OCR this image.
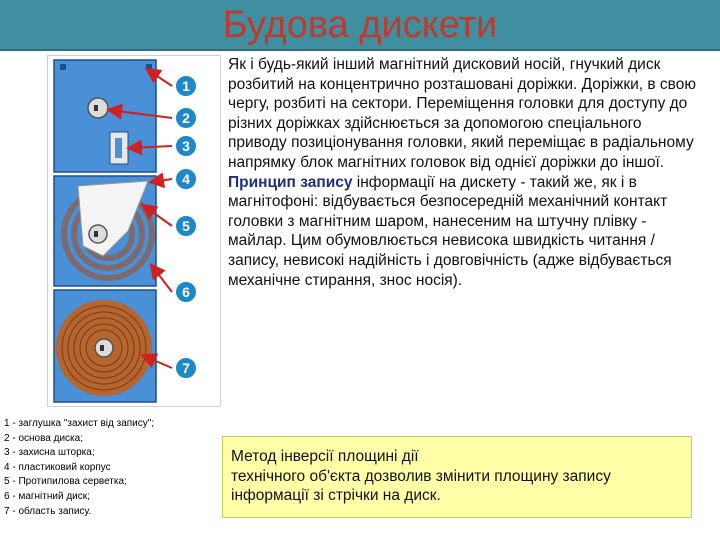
Будова дискети
1
2
3
4
5
6
7
1 - заглушка "захист від запису";
2 - основа диска;
3 - захисна шторка;
4 - пластиковий корпус
5 - Протипилова серветка;
6 - магнітний диск;
7 - область запису.

Як і будь-який інший магнітний дисковий носій, гнучкий диск розбитий на концентрично розташовані доріжки. Доріжки, в свою чергу, розбиті на сектори. Переміщення головки для доступу до різних доріжках здійснюється за допомогою спеціального приводу позиціонування головки, який переміщає в радіальному напрямку блок магнітних головок від однієї доріжки до іншої.

Принцип запису інформації на дискету - такий же, як і в магнітофоні: відбувається безпосередній механічний контакт головки з магнітним шаром, нанесеним на штучну плівку - майлар. Цим обумовлюється невисока швидкість читання / запису, невисокі надійність і довговічність (адже відбувається механічне стирання, знос носія).

Метод інверсії площині дії
технічного об'єкта дозволив змінити площину запису
інформації зі стрічки на диск.
